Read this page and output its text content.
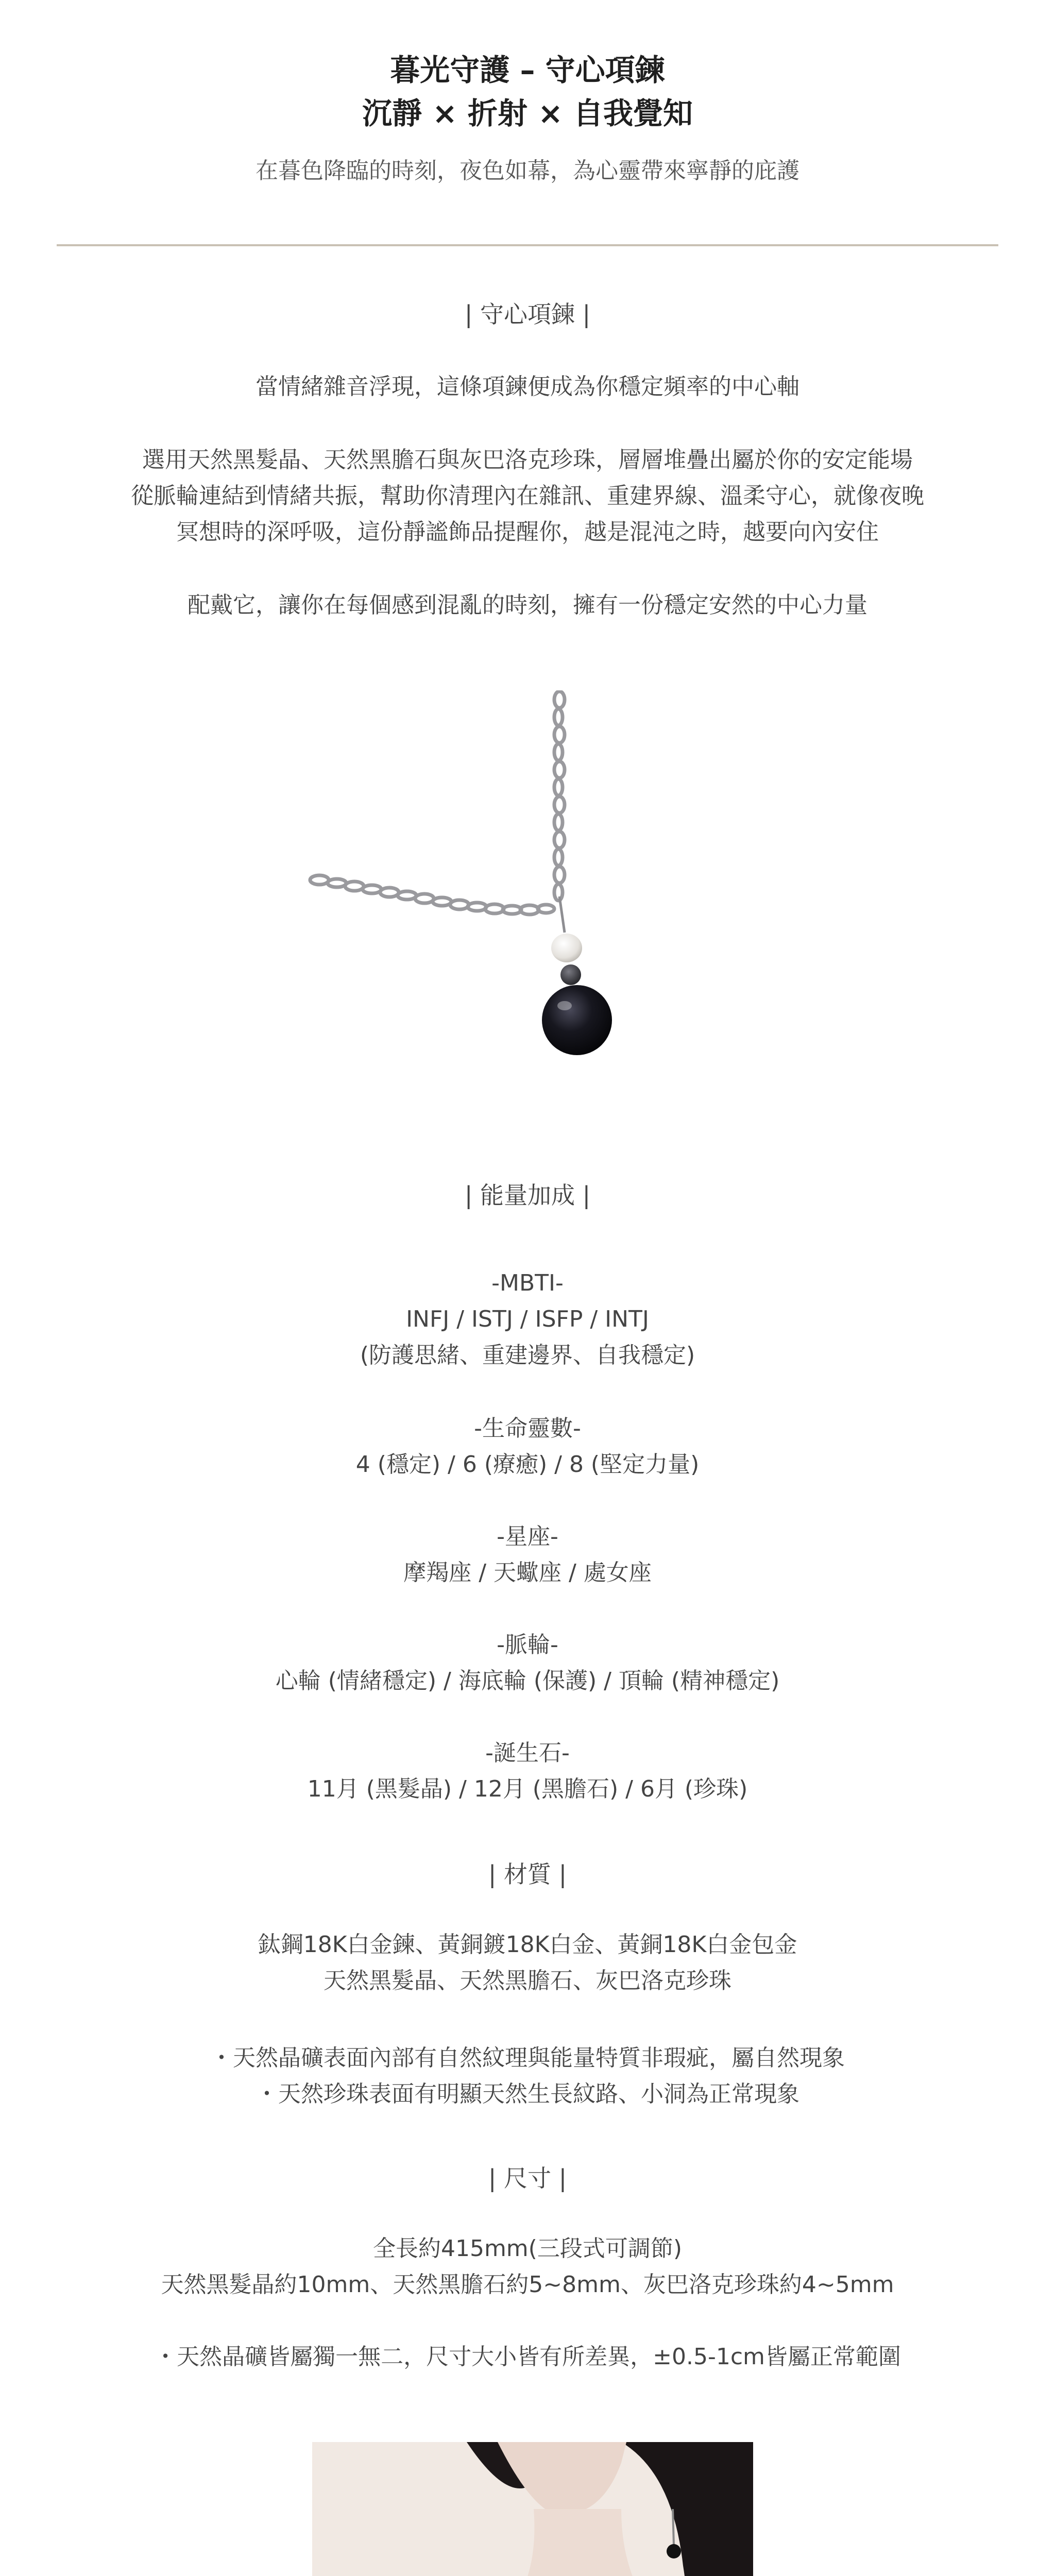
暮光守護 – 守心項鍊
沉靜 × 折射 × 自我覺知
在暮色降臨的時刻，夜色如幕，為心靈帶來寧靜的庇護
| 守心項鍊 |
當情緒雜音浮現，這條項鍊便成為你穩定頻率的中心軸
選用天然黑髮晶、天然黑膽石與灰巴洛克珍珠，層層堆疊出屬於你的安定能場
從脈輪連結到情緒共振，幫助你清理內在雜訊、重建界線、溫柔守心，就像夜晚
冥想時的深呼吸，這份靜謐飾品提醒你，越是混沌之時，越要向內安住
配戴它，讓你在每個感到混亂的時刻，擁有一份穩定安然的中心力量
| 能量加成 |
-MBTI-
INFJ / ISTJ / ISFP / INTJ
(防護思緒、重建邊界、自我穩定)
-生命靈數-
4 (穩定) / 6 (療癒) / 8 (堅定力量)
-星座-
摩羯座 / 天蠍座 / 處女座
-脈輪-
心輪 (情緒穩定) / 海底輪 (保護) / 頂輪 (精神穩定)
-誕生石-
11月 (黑髮晶) / 12月 (黑膽石) / 6月 (珍珠)
| 材質 |
鈦鋼18K白金鍊、黃銅鍍18K白金、黃銅18K白金包金
天然黑髮晶、天然黑膽石、灰巴洛克珍珠
・天然晶礦表面內部有自然紋理與能量特質非瑕疵，屬自然現象
・天然珍珠表面有明顯天然生長紋路、小洞為正常現象
| 尺寸 |
全長約415mm(三段式可調節)
天然黑髮晶約10mm、天然黑膽石約5~8mm、灰巴洛克珍珠約4~5mm
・天然晶礦皆屬獨一無二，尺寸大小皆有所差異，±0.5-1cm皆屬正常範圍
